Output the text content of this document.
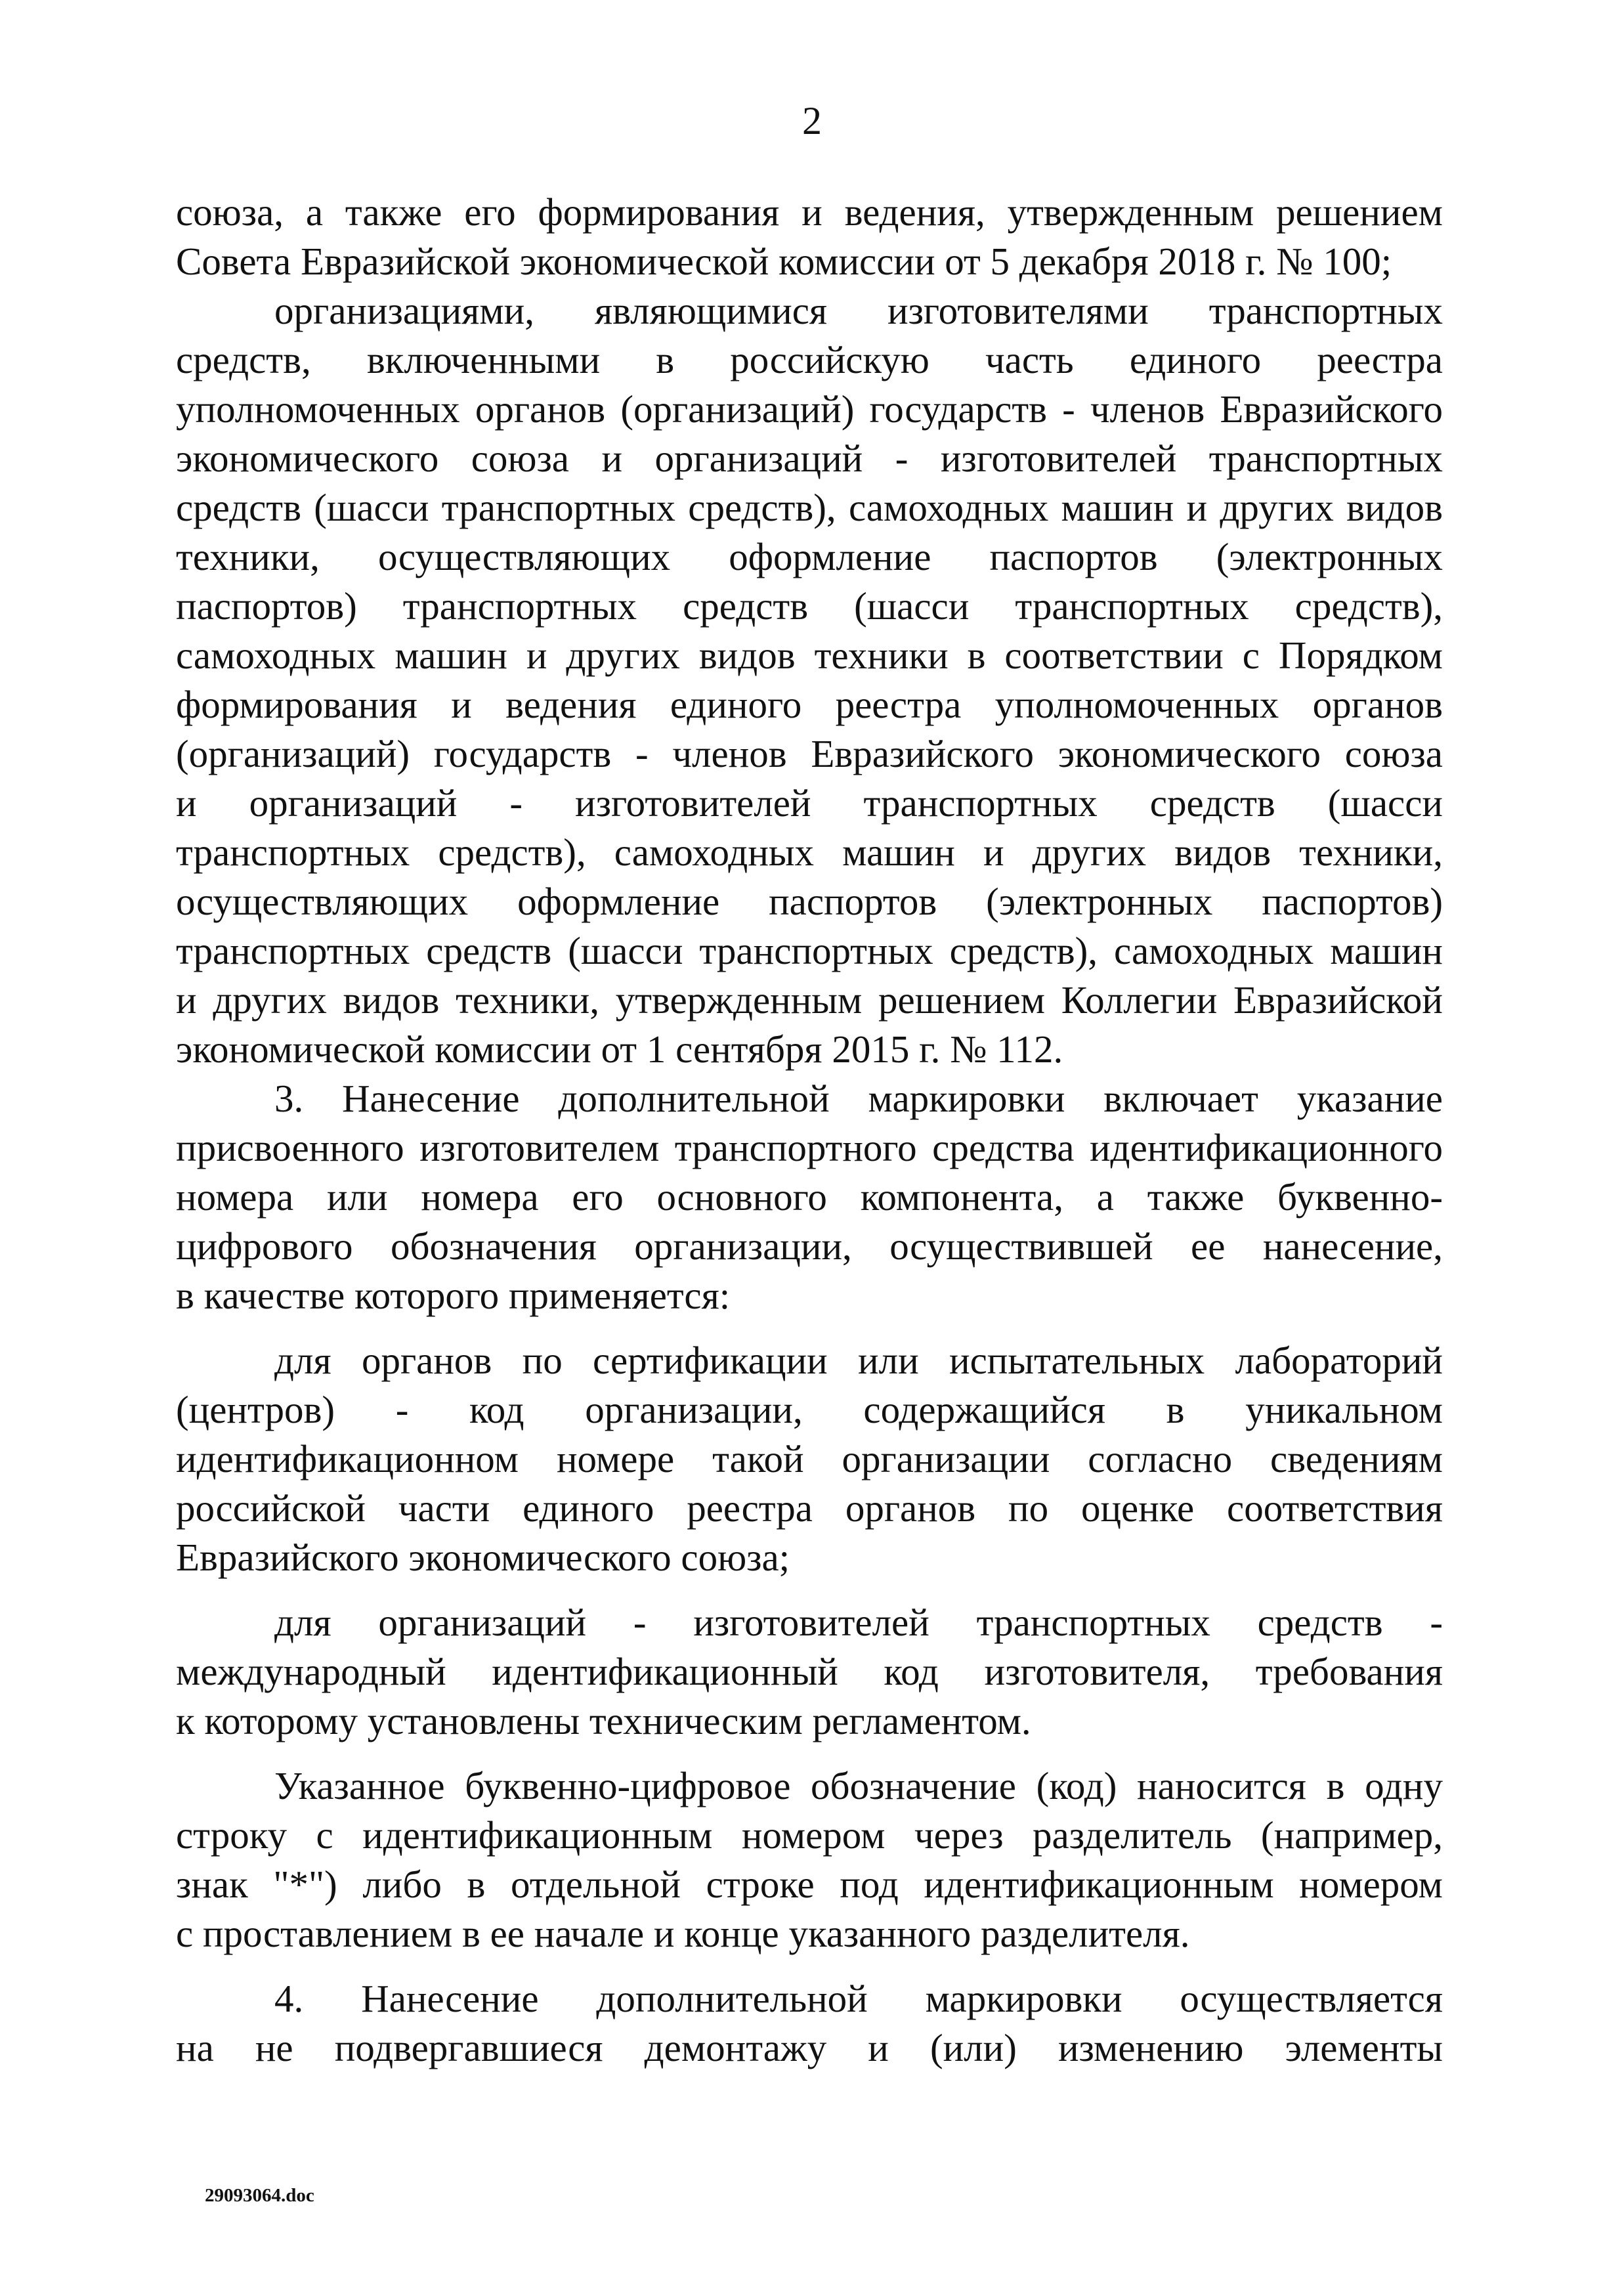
2
союза, а также его формирования и ведения, утвержденным решением
Совета Евразийской экономической комиссии от 5 декабря 2018 г. № 100;
организациями, являющимися изготовителями транспортных
средств, включенными в российскую часть единого реестра
уполномоченных органов (организаций) государств - членов Евразийского
экономического союза и организаций - изготовителей транспортных
средств (шасси транспортных средств), самоходных машин и других видов
техники, осуществляющих оформление паспортов (электронных
паспортов) транспортных средств (шасси транспортных средств),
самоходных машин и других видов техники в соответствии с Порядком
формирования и ведения единого реестра уполномоченных органов
(организаций) государств - членов Евразийского экономического союза
и организаций - изготовителей транспортных средств (шасси
транспортных средств), самоходных машин и других видов техники,
осуществляющих оформление паспортов (электронных паспортов)
транспортных средств (шасси транспортных средств), самоходных машин
и других видов техники, утвержденным решением Коллегии Евразийской
экономической комиссии от 1 сентября 2015 г. № 112.
3. Нанесение дополнительной маркировки включает указание
присвоенного изготовителем транспортного средства идентификационного
номера или номера его основного компонента, а также буквенно-
цифрового обозначения организации, осуществившей ее нанесение,
в качестве которого применяется:
для органов по сертификации или испытательных лабораторий
(центров) - код организации, содержащийся в уникальном
идентификационном номере такой организации согласно сведениям
российской части единого реестра органов по оценке соответствия
Евразийского экономического союза;
для организаций - изготовителей транспортных средств -
международный идентификационный код изготовителя, требования
к которому установлены техническим регламентом.
Указанное буквенно-цифровое обозначение (код) наносится в одну
строку с идентификационным номером через разделитель (например,
знак "*") либо в отдельной строке под идентификационным номером
с проставлением в ее начале и конце указанного разделителя.
4. Нанесение дополнительной маркировки осуществляется
на не подвергавшиеся демонтажу и (или) изменению элементы
29093064.doc
